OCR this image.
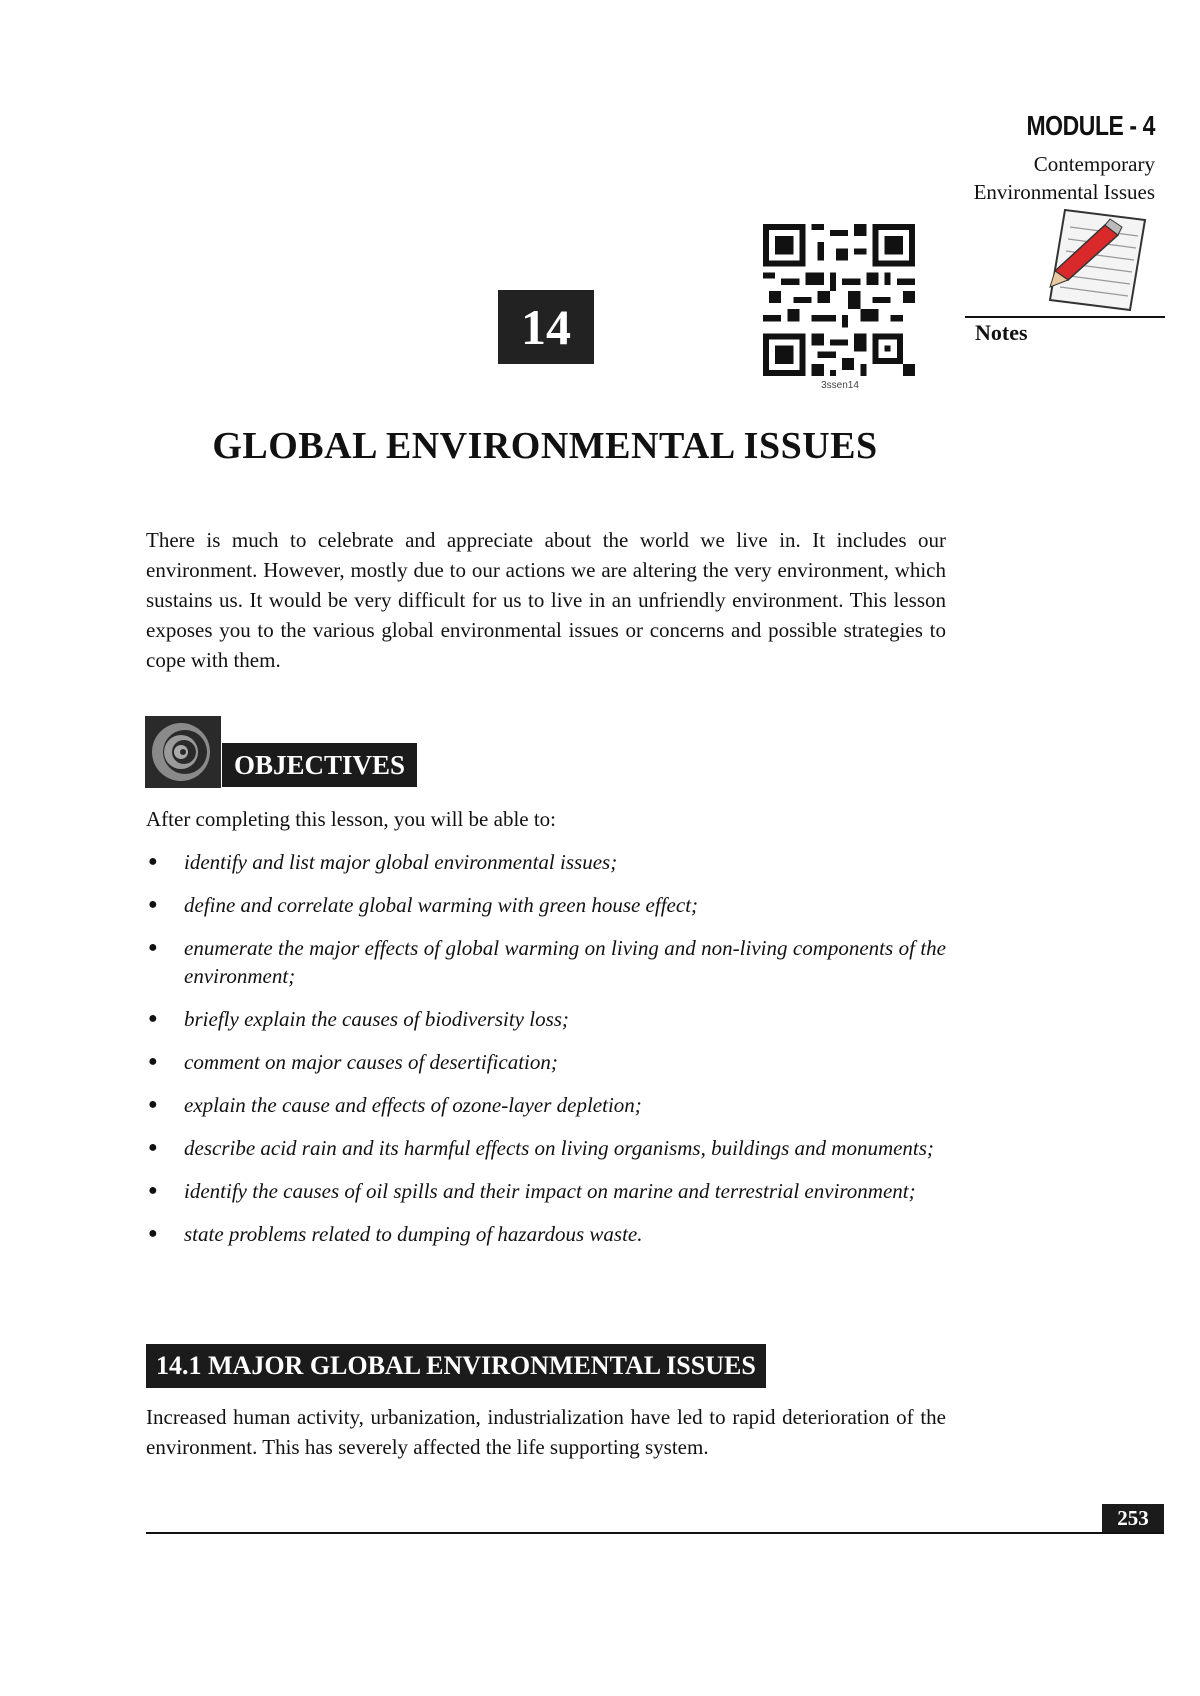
MODULE - 4
Contemporary
Environmental Issues
Notes
14
3ssen14
GLOBAL ENVIRONMENTAL ISSUES
There is much to celebrate and appreciate about the world we live in. It includes our environment. However, mostly due to our actions we are altering the very environment, which sustains us. It would be very difficult for us to live in an unfriendly environment. This lesson exposes you to the various global environmental issues or concerns and possible strategies to cope with them.
OBJECTIVES
After completing this lesson, you will be able to:
● identify and list major global environmental issues;
● define and correlate global warming with green house effect;
● enumerate the major effects of global warming on living and non-living components of the environment;
● briefly explain the causes of biodiversity loss;
● comment on major causes of desertification;
● explain the cause and effects of ozone-layer depletion;
● describe acid rain and its harmful effects on living organisms, buildings and monuments;
● identify the causes of oil spills and their impact on marine and terrestrial environment;
● state problems related to dumping of hazardous waste.
14.1 MAJOR GLOBAL ENVIRONMENTAL ISSUES
Increased human activity, urbanization, industrialization have led to rapid deterioration of the environment. This has severely affected the life supporting system.
253
